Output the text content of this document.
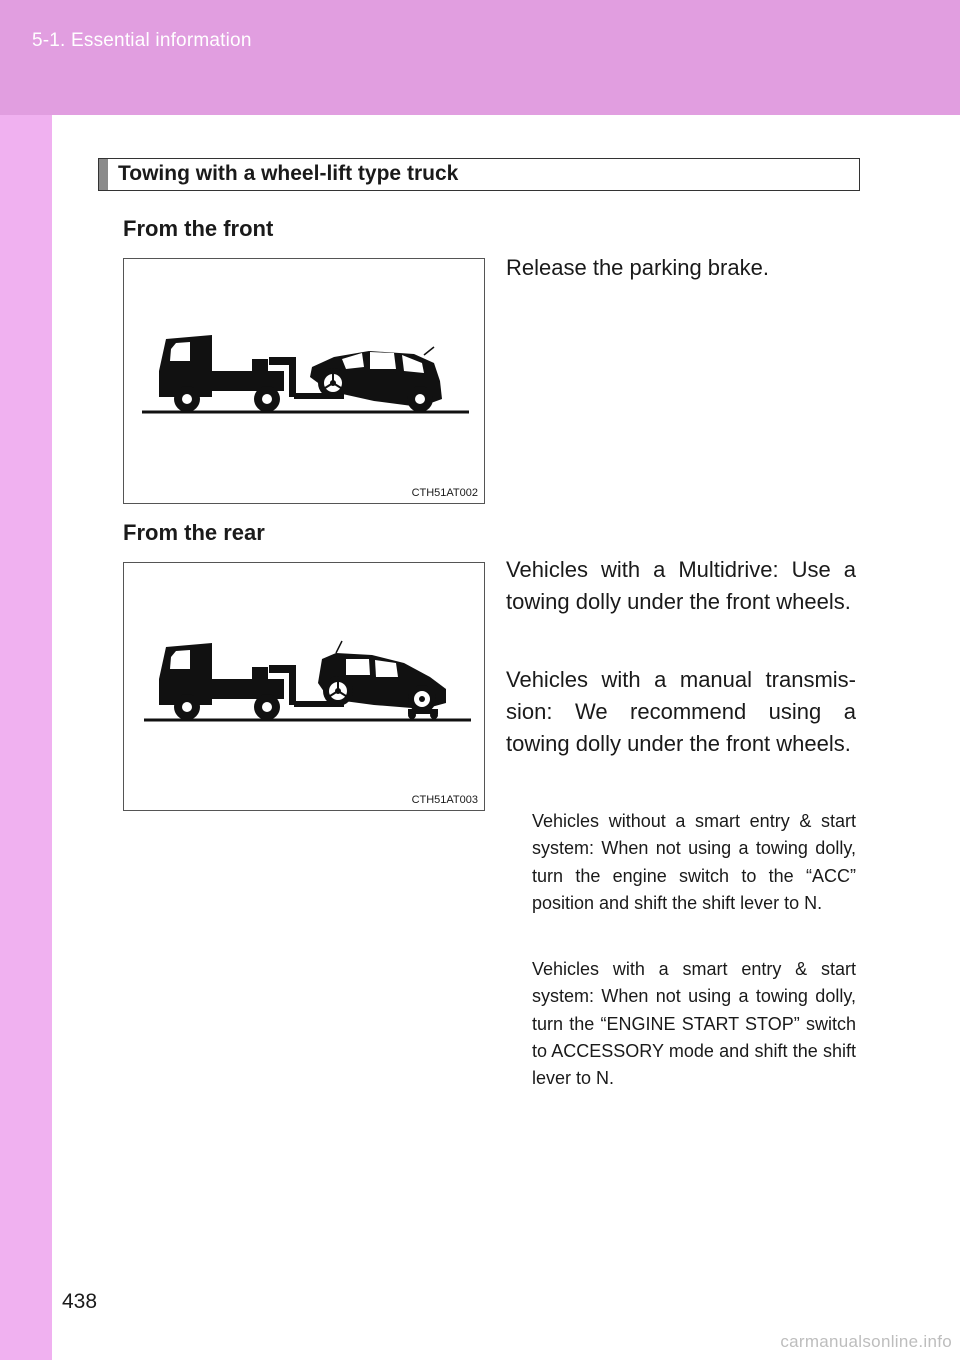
5-1. Essential information
438
Towing with a wheel-lift type truck
From the front
CTH51AT002

Release the parking brake.

From the rear
CTH51AT003

Vehicles with a Multidrive: Use a towing dolly under the front wheels.

Vehicles with a manual transmis-sion: We recommend using a towing dolly under the front wheels.

Vehicles without a smart entry & start system: When not using a towing dolly, turn the engine switch to the “ACC” position and shift the shift lever to N.

Vehicles with a smart entry & start system: When not using a towing dolly, turn the “ENGINE START STOP” switch to ACCESSORY mode and shift the shift lever to N.

carmanualsonline.info
